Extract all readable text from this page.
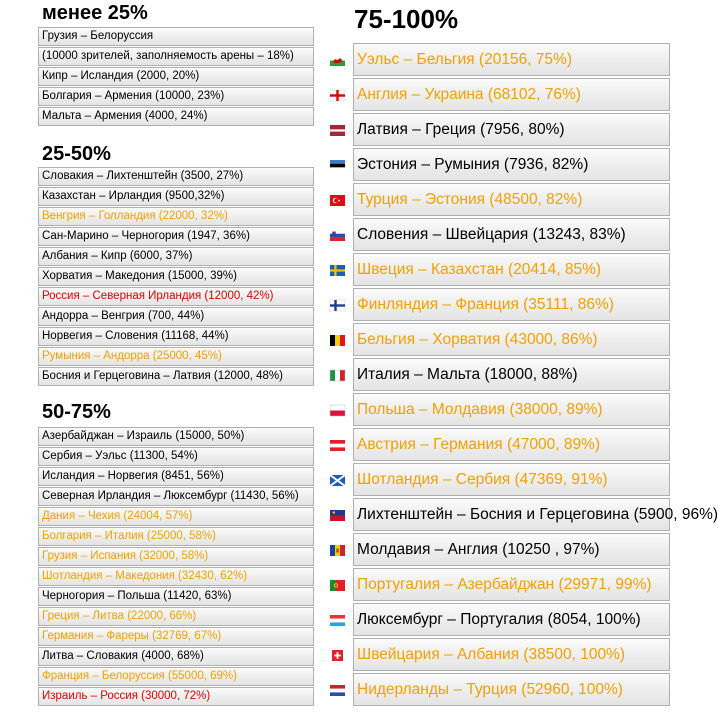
менее 25%
Грузия – Белоруссия
(10000 зрителей, заполняемость арены – 18%)
Кипр – Исландия (2000, 20%)
Болгария – Армения (10000, 23%)
Мальта – Армения (4000, 24%)
25-50%
Словакия – Лихтенштейн (3500, 27%)
Казахстан – Ирландия (9500,32%)
Венгрия – Голландия (22000, 32%)
Сан-Марино – Черногория (1947, 36%)
Албания – Кипр (6000, 37%)
Хорватия – Македония (15000, 39%)
Россия – Северная Ирландия (12000, 42%)
Андорра – Венгрия (700, 44%)
Норвегия – Словения (11168, 44%)
Румыния – Андорра (25000, 45%)
Босния и Герцеговина – Латвия (12000, 48%)
50-75%
Азербайджан – Израиль (15000, 50%)
Сербия – Уэльс (11300, 54%)
Исландия – Норвегия (8451, 56%)
Северная Ирландия – Люксембург (11430, 56%)
Дания – Чехия (24004, 57%)
Болгария – Италия (25000, 58%)
Грузия – Испания (32000, 58%)
Шотландия – Македония (32430, 62%)
Черногория – Польша (11420, 63%)
Греция – Литва (22000, 66%)
Германия – Фареры (32769, 67%)
Литва – Словакия (4000, 68%)
Франция – Белоруссия (55000, 69%)
Израиль – Россия (30000, 72%)
75-100%
Уэльс – Бельгия (20156, 75%)
Англия – Украина (68102, 76%)
Латвия – Греция (7956, 80%)
Эстония – Румыния (7936, 82%)
Турция – Эстония (48500, 82%)
Словения – Швейцария (13243, 83%)
Швеция – Казахстан (20414, 85%)
Финляндия – Франция (35111, 86%)
Бельгия – Хорватия (43000, 86%)
Италия – Мальта (18000, 88%)
Польша – Молдавия (38000, 89%)
Австрия – Германия (47000, 89%)
Шотландия – Сербия (47369, 91%)
Лихтенштейн – Босния и Герцеговина (5900, 96%)
Молдавия – Англия (10250 , 97%)
Португалия – Азербайджан (29971, 99%)
Люксембург – Португалия (8054, 100%)
Швейцария – Албания (38500, 100%)
Нидерланды – Турция (52960, 100%)
